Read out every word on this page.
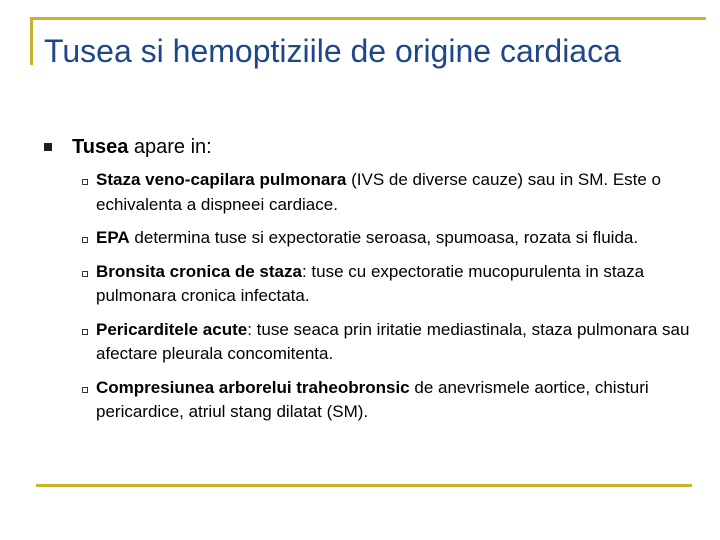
Tusea si hemoptiziile de origine cardiaca
Tusea apare in:
Staza veno-capilara pulmonara (IVS de diverse cauze) sau in SM. Este o echivalenta a dispneei cardiace.
EPA determina tuse si expectoratie seroasa, spumoasa, rozata si fluida.
Bronsita cronica de staza: tuse cu expectoratie mucopurulenta in staza pulmonara cronica infectata.
Pericarditele acute: tuse seaca prin iritatie mediastinala, staza pulmonara sau afectare pleurala concomitenta.
Compresiunea arborelui traheobronsic de anevrismele aortice, chisturi pericardice, atriul stang dilatat (SM).
